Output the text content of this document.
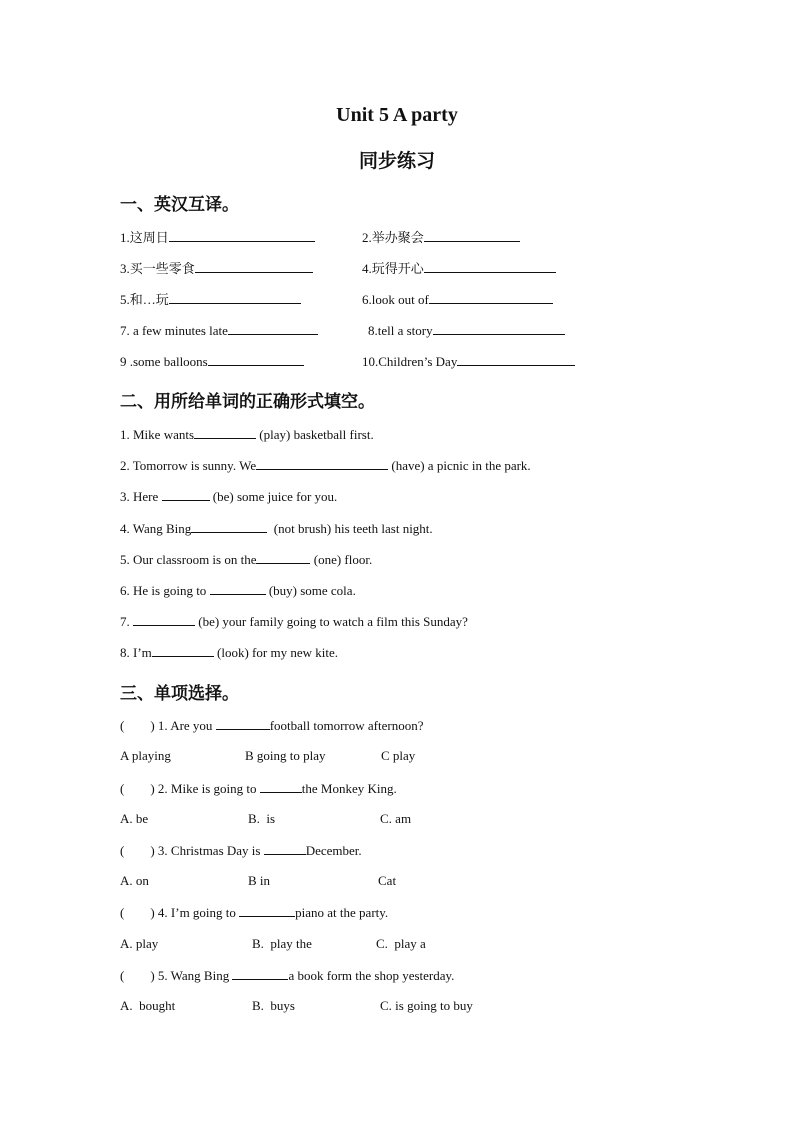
Unit 5 A party
同步练习
一、英汉互译。
1.这周日	2.举办聚会
3.买一些零食	4.玩得开心
5.和…玩	6.look out of
7. a few minutes late	8.tell a story
9 .some balloons	10.Children’s Day
二、用所给单词的正确形式填空。
1. Mike wants	(play) basketball first.
2. Tomorrow is sunny. We	(have) a picnic in the park.
3. Here	(be) some juice for you.
4. Wang Bing	(not brush) his teeth last night.
5. Our classroom is on the	(one) floor.
6. He is going to	(buy) some cola.
7.	(be) your family going to watch a film this Sunday?
8. I’m	(look) for my new kite.
三、单项选择。
(        ) 1. Are you	football tomorrow afternoon?
A playing	B going to play	C play
(        ) 2. Mike is going to	the Monkey King.
A. be	B.  is	C. am
(        ) 3. Christmas Day is	December.
A. on	B in	Cat
(        ) 4. I’m going to	piano at the party.
A. play	B.  play the	C.  play a
(        ) 5. Wang Bing	a book form the shop yesterday.
A.  bought	B.  buys	C. is going to buy
